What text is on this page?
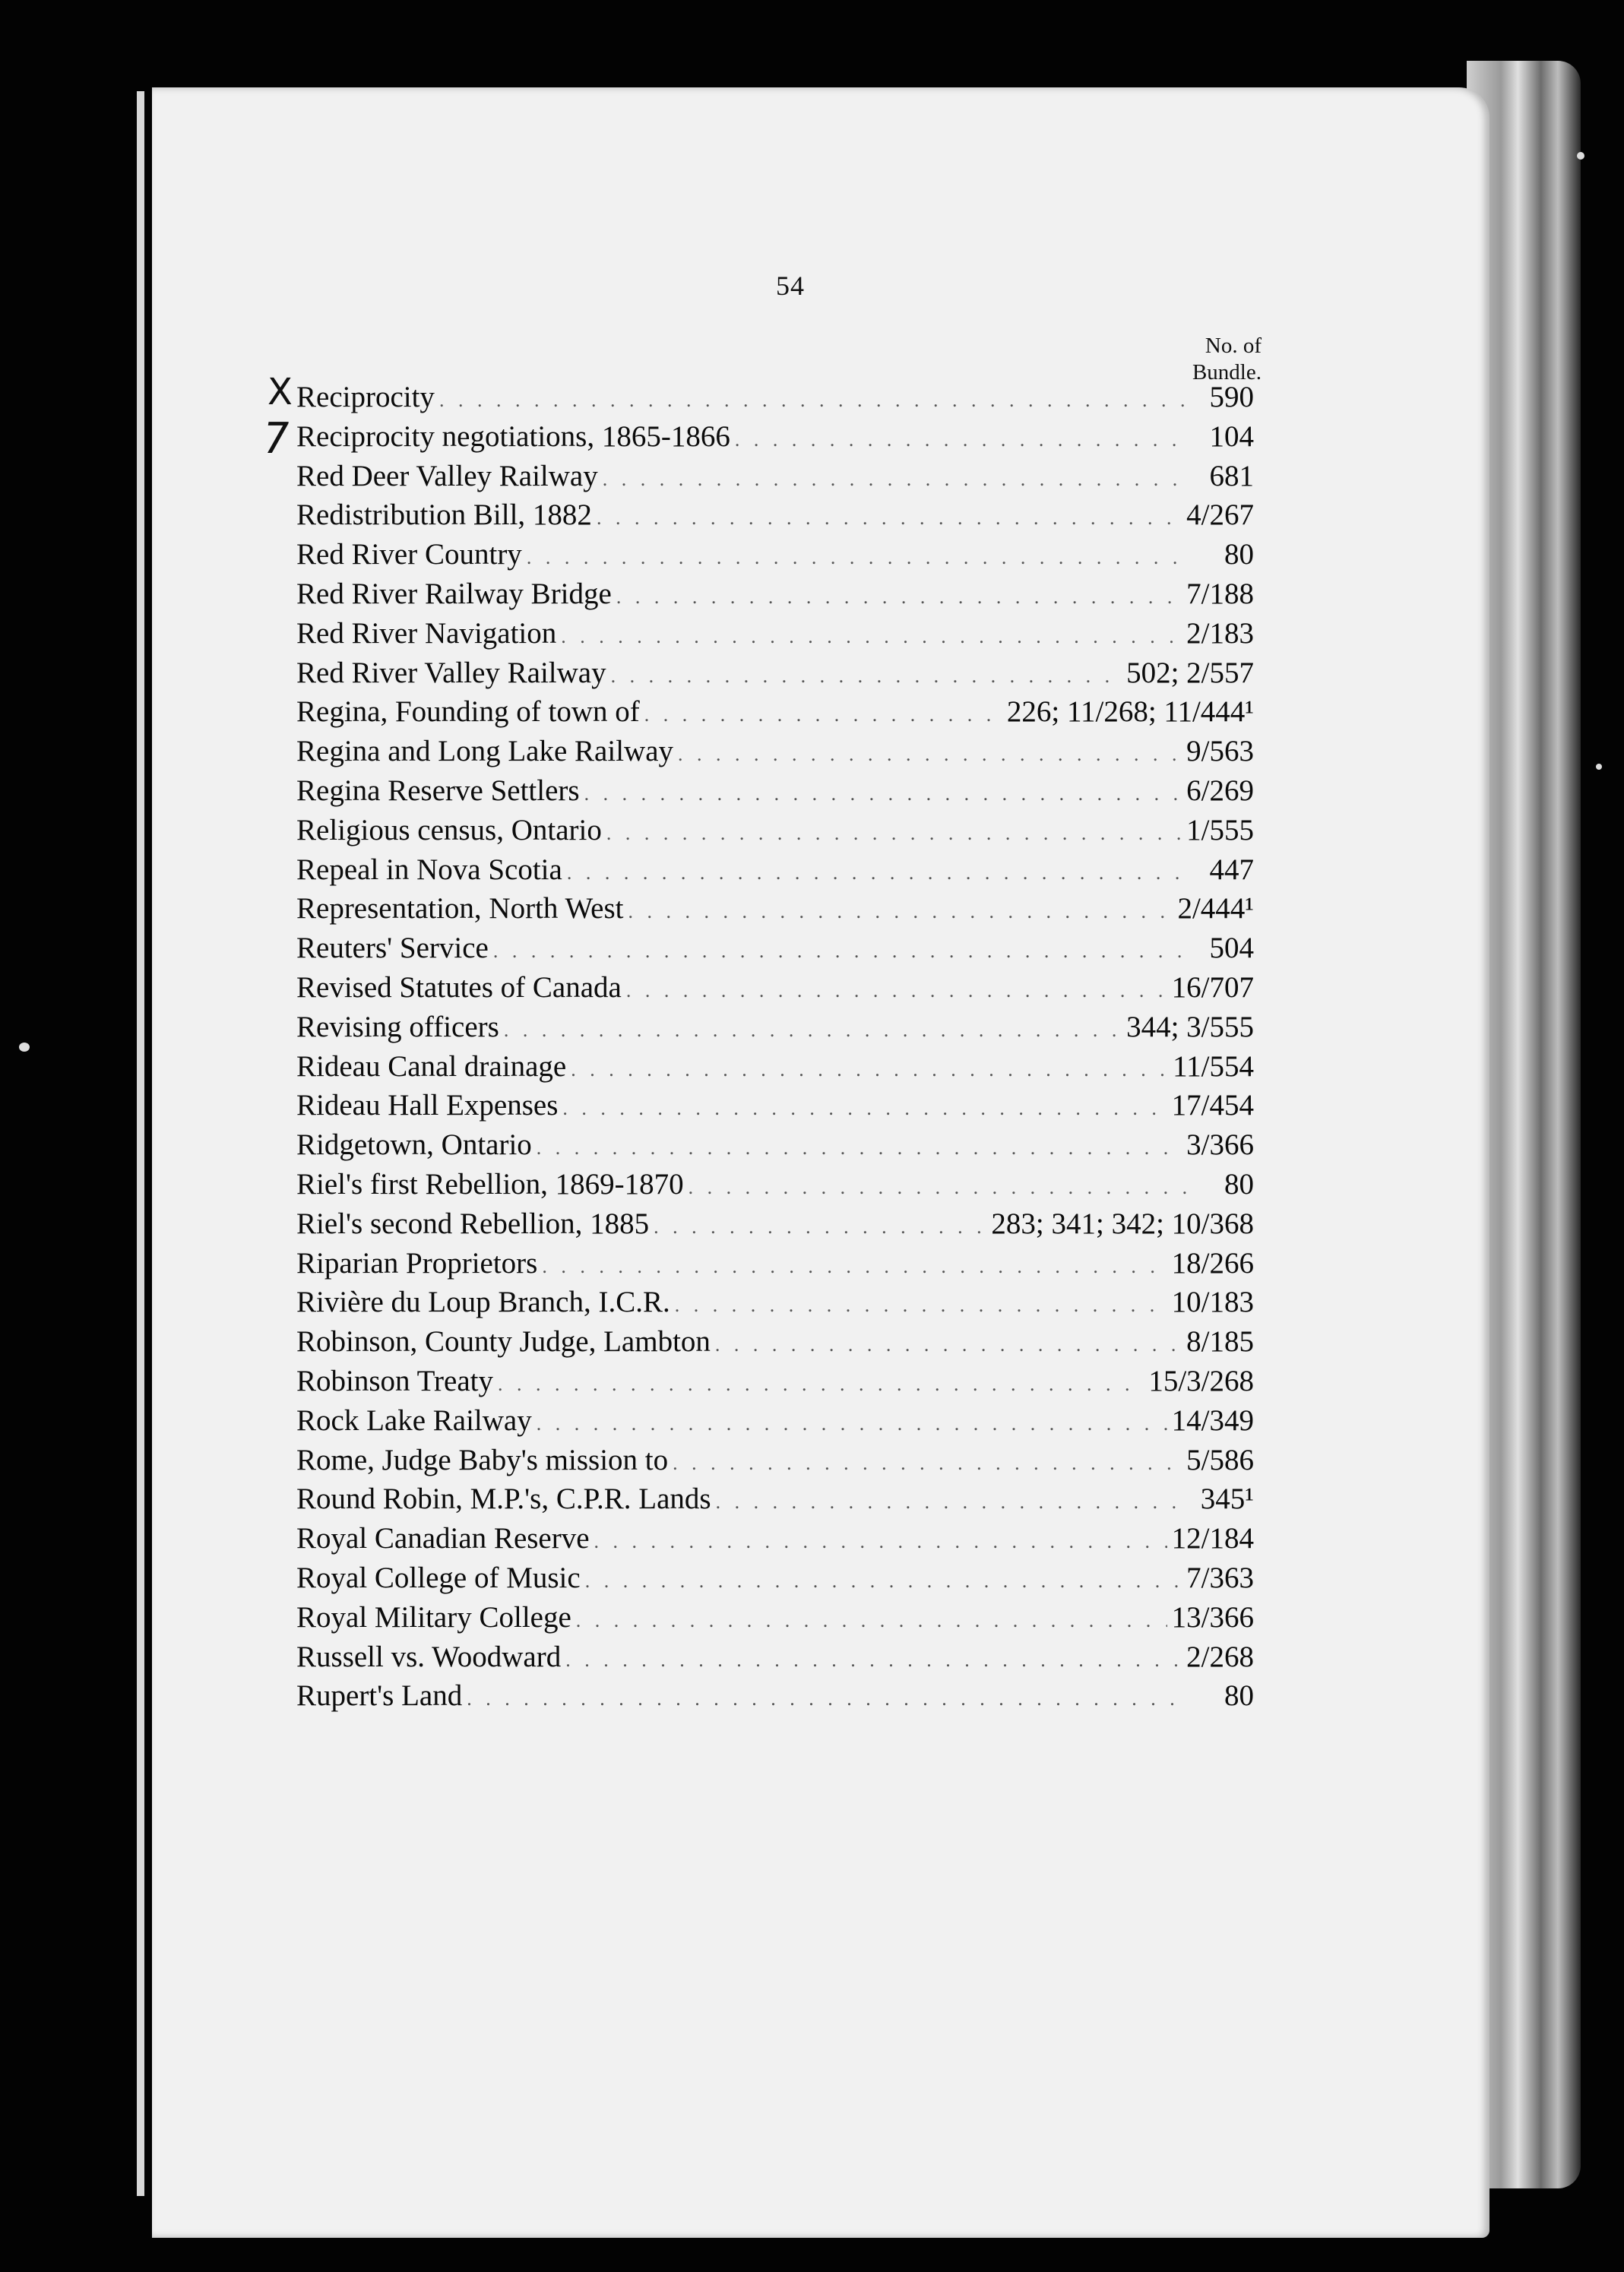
54
No. of
Bundle.
X
7
Reciprocity . . .	590
Reciprocity negotiations, 1865-1866 . . .	104
Red Deer Valley Railway . . .	681
Redistribution Bill, 1882 . . .	4/267
Red River Country . . .	80
Red River Railway Bridge . . .	7/188
Red River Navigation . . .	2/183
Red River Valley Railway . . .	502; 2/557
Regina, Founding of town of . . .	226; 11/268; 11/444¹
Regina and Long Lake Railway . . .	9/563
Regina Reserve Settlers . . .	6/269
Religious census, Ontario . . .	1/555
Repeal in Nova Scotia . . .	447
Representation, North West . . .	2/444¹
Reuters' Service . . .	504
Revised Statutes of Canada . . .	16/707
Revising officers . . .	344; 3/555
Rideau Canal drainage . . .	11/554
Rideau Hall Expenses . . .	17/454
Ridgetown, Ontario . . .	3/366
Riel's first Rebellion, 1869-1870 . . .	80
Riel's second Rebellion, 1885 . . .	283; 341; 342; 10/368
Riparian Proprietors . . .	18/266
Rivière du Loup Branch, I.C.R. . . .	10/183
Robinson, County Judge, Lambton . . .	8/185
Robinson Treaty . . .	15/3/268
Rock Lake Railway . . .	14/349
Rome, Judge Baby's mission to . . .	5/586
Round Robin, M.P.'s, C.P.R. Lands . . .	345¹
Royal Canadian Reserve . . .	12/184
Royal College of Music . . .	7/363
Royal Military College . . .	13/366
Russell vs. Woodward . . .	2/268
Rupert's Land . . .	80
